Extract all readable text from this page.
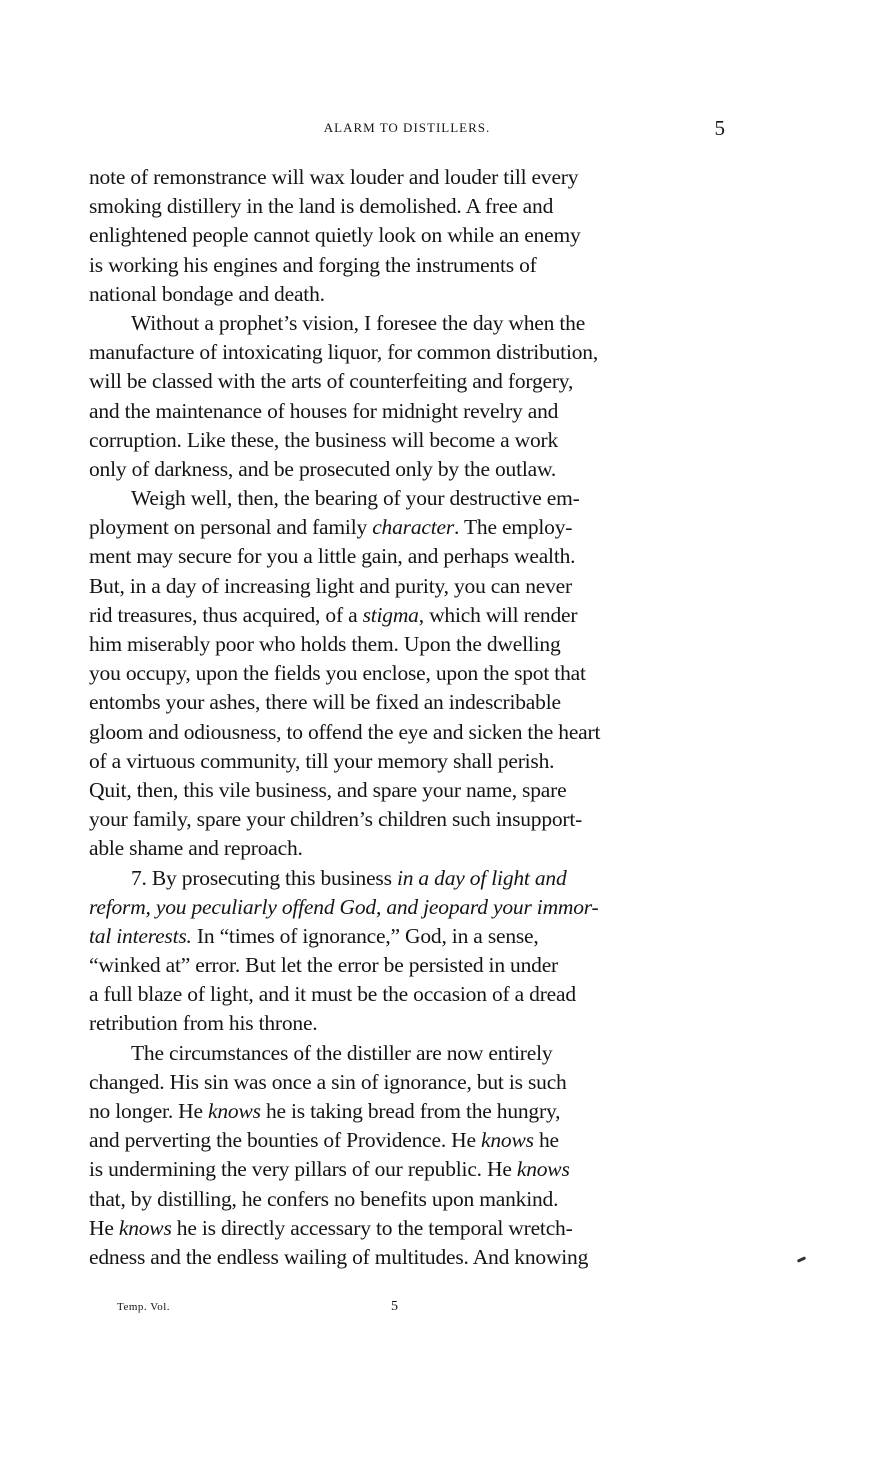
ALARM TO DISTILLERS.	5
note of remonstrance will wax louder and louder till every
smoking distillery in the land is demolished. A free and
enlightened people cannot quietly look on while an enemy
is working his engines and forging the instruments of
national bondage and death.
Without a prophet’s vision, I foresee the day when the
manufacture of intoxicating liquor, for common distribution,
will be classed with the arts of counterfeiting and forgery,
and the maintenance of houses for midnight revelry and
corruption. Like these, the business will become a work
only of darkness, and be prosecuted only by the outlaw.
Weigh well, then, the bearing of your destructive em-
ployment on personal and family character. The employ-
ment may secure for you a little gain, and perhaps wealth.
But, in a day of increasing light and purity, you can never
rid treasures, thus acquired, of a stigma, which will render
him miserably poor who holds them. Upon the dwelling
you occupy, upon the fields you enclose, upon the spot that
entombs your ashes, there will be fixed an indescribable
gloom and odiousness, to offend the eye and sicken the heart
of a virtuous community, till your memory shall perish.
Quit, then, this vile business, and spare your name, spare
your family, spare your children’s children such insupport-
able shame and reproach.
7. By prosecuting this business in a day of light and
reform, you peculiarly offend God, and jeopard your immor-
tal interests. In “times of ignorance,” God, in a sense,
“winked at” error. But let the error be persisted in under
a full blaze of light, and it must be the occasion of a dread
retribution from his throne.
The circumstances of the distiller are now entirely
changed. His sin was once a sin of ignorance, but is such
no longer. He knows he is taking bread from the hungry,
and perverting the bounties of Providence. He knows he
is undermining the very pillars of our republic. He knows
that, by distilling, he confers no benefits upon mankind.
He knows he is directly accessary to the temporal wretch-
edness and the endless wailing of multitudes. And knowing
Temp. Vol.	5
